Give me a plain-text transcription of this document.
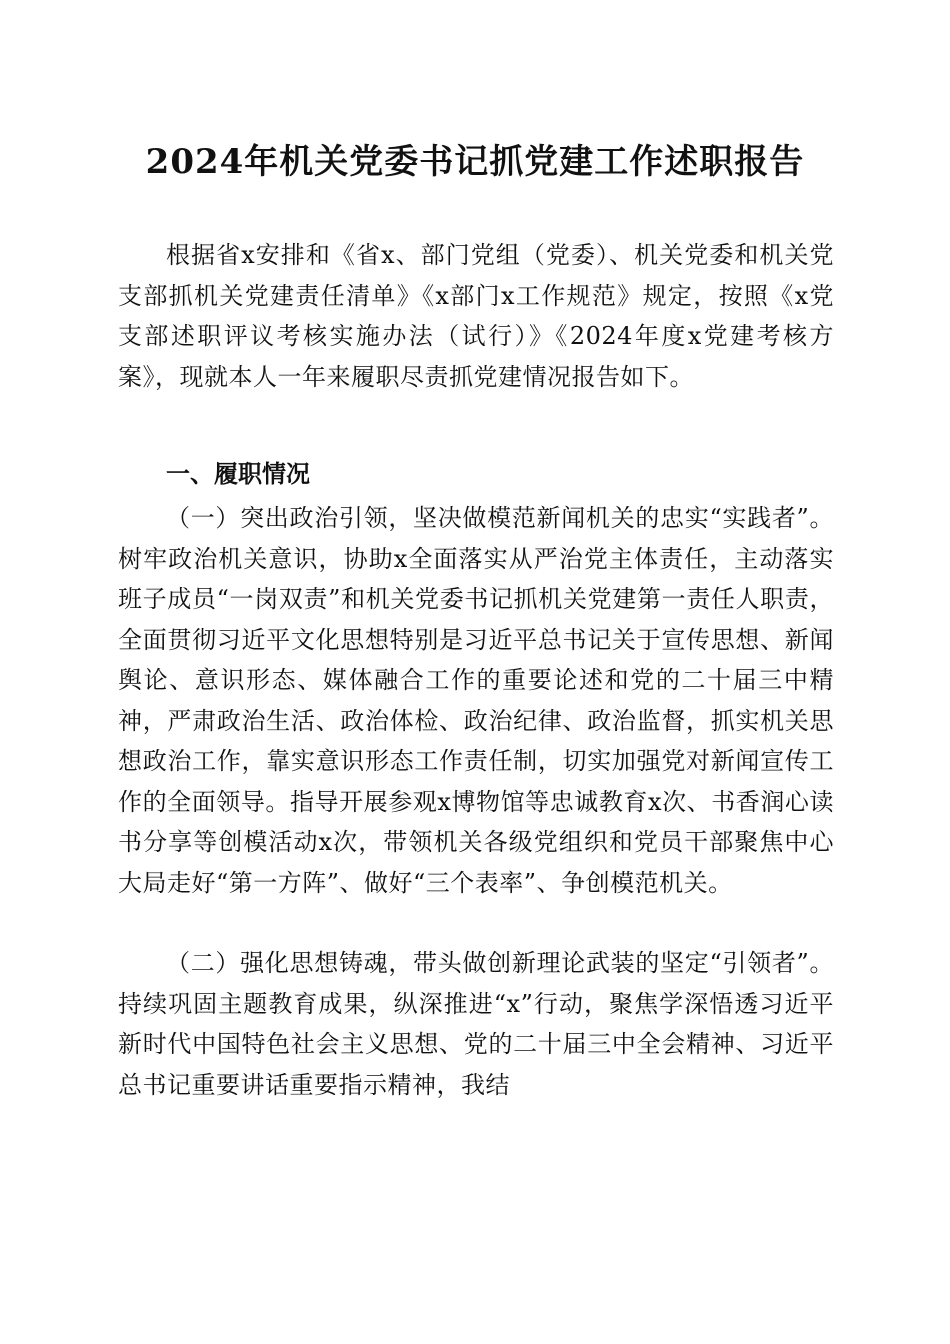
2024年机关党委书记抓党建工作述职报告

根据省x安排和《省x、部门党组（党委）、机关党委和机关党支部抓机关党建责任清单》《x部门x工作规范》规定，按照《x党支部述职评议考核实施办法（试行）》《2024年度x党建考核方案》，现就本人一年来履职尽责抓党建情况报告如下。

一、履职情况

（一）突出政治引领，坚决做模范新闻机关的忠实“实践者”。树牢政治机关意识，协助x全面落实从严治党主体责任，主动落实班子成员“一岗双责”和机关党委书记抓机关党建第一责任人职责，全面贯彻习近平文化思想特别是习近平总书记关于宣传思想、新闻舆论、意识形态、媒体融合工作的重要论述和党的二十届三中精神，严肃政治生活、政治体检、政治纪律、政治监督，抓实机关思想政治工作，靠实意识形态工作责任制，切实加强党对新闻宣传工作的全面领导。指导开展参观x博物馆等忠诚教育x次、书香润心读书分享等创模活动x次，带领机关各级党组织和党员干部聚焦中心大局走好“第一方阵”、做好“三个表率”、争创模范机关。

（二）强化思想铸魂，带头做创新理论武装的坚定“引领者”。持续巩固主题教育成果，纵深推进“x”行动，聚焦学深悟透习近平新时代中国特色社会主义思想、党的二十届三中全会精神、习近平总书记重要讲话重要指示精神，我结
